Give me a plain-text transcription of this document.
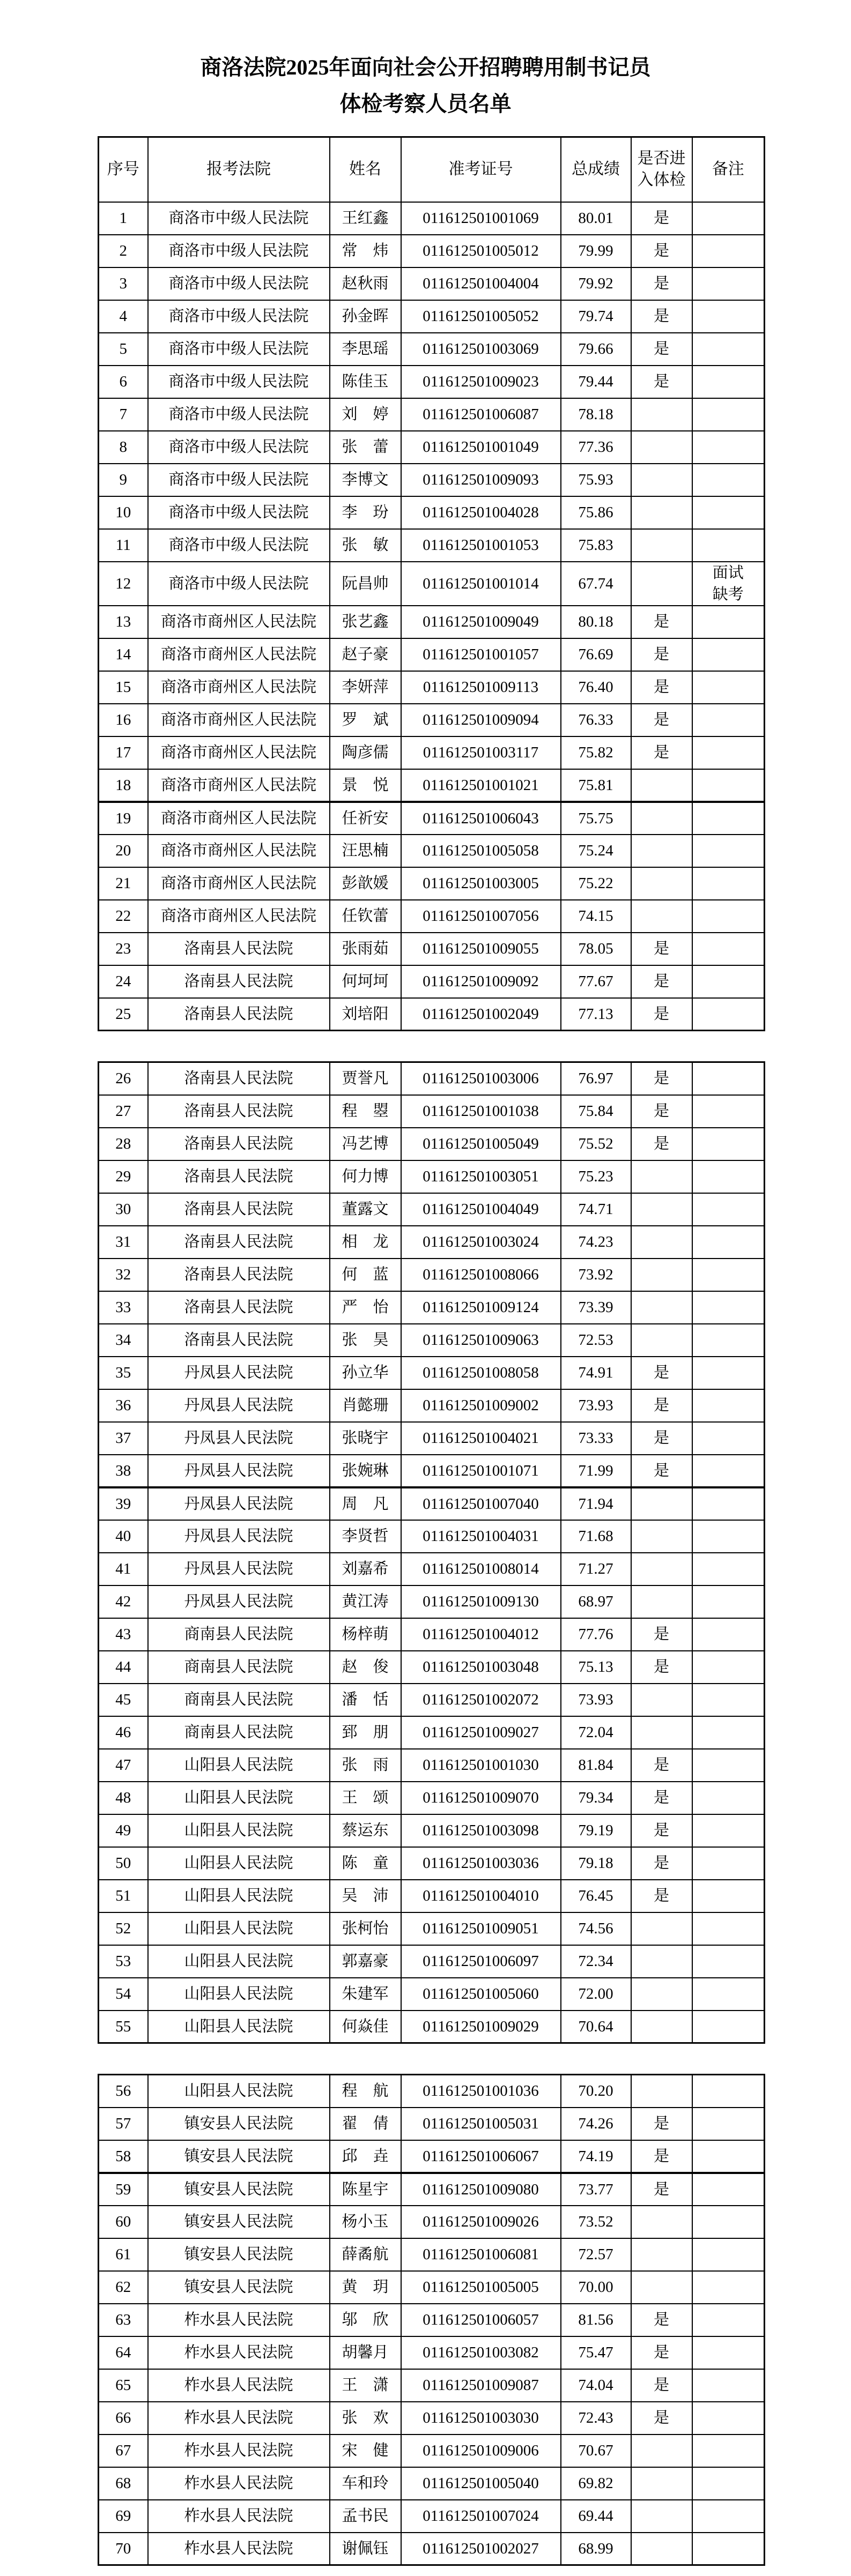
商洛法院2025年面向社会公开招聘聘用制书记员
体检考察人员名单
序号	报考法院	姓名	准考证号	总成绩	是否进入体检	备注
1	商洛市中级人民法院	王红鑫	011612501001069	80.01	是	
2	商洛市中级人民法院	常　炜	011612501005012	79.99	是	
3	商洛市中级人民法院	赵秋雨	011612501004004	79.92	是	
4	商洛市中级人民法院	孙金晖	011612501005052	79.74	是	
5	商洛市中级人民法院	李思瑶	011612501003069	79.66	是	
6	商洛市中级人民法院	陈佳玉	011612501009023	79.44	是	
7	商洛市中级人民法院	刘　婷	011612501006087	78.18		
8	商洛市中级人民法院	张　蕾	011612501001049	77.36		
9	商洛市中级人民法院	李博文	011612501009093	75.93		
10	商洛市中级人民法院	李　玢	011612501004028	75.86		
11	商洛市中级人民法院	张　敏	011612501001053	75.83		
12	商洛市中级人民法院	阮昌帅	011612501001014	67.74		面试缺考
13	商洛市商州区人民法院	张艺鑫	011612501009049	80.18	是	
14	商洛市商州区人民法院	赵子豪	011612501001057	76.69	是	
15	商洛市商州区人民法院	李妍萍	011612501009113	76.40	是	
16	商洛市商州区人民法院	罗　斌	011612501009094	76.33	是	
17	商洛市商州区人民法院	陶彦儒	011612501003117	75.82	是	
18	商洛市商州区人民法院	景　悦	011612501001021	75.81		
19	商洛市商州区人民法院	任祈安	011612501006043	75.75		
20	商洛市商州区人民法院	汪思楠	011612501005058	75.24		
21	商洛市商州区人民法院	彭歆媛	011612501003005	75.22		
22	商洛市商州区人民法院	任钦蕾	011612501007056	74.15		
23	洛南县人民法院	张雨茹	011612501009055	78.05	是	
24	洛南县人民法院	何坷坷	011612501009092	77.67	是	
25	洛南县人民法院	刘培阳	011612501002049	77.13	是	
26	洛南县人民法院	贾誉凡	011612501003006	76.97	是	
27	洛南县人民法院	程　曌	011612501001038	75.84	是	
28	洛南县人民法院	冯艺博	011612501005049	75.52	是	
29	洛南县人民法院	何力博	011612501003051	75.23		
30	洛南县人民法院	董露文	011612501004049	74.71		
31	洛南县人民法院	相　龙	011612501003024	74.23		
32	洛南县人民法院	何　蓝	011612501008066	73.92		
33	洛南县人民法院	严　怡	011612501009124	73.39		
34	洛南县人民法院	张　昊	011612501009063	72.53		
35	丹凤县人民法院	孙立华	011612501008058	74.91	是	
36	丹凤县人民法院	肖懿珊	011612501009002	73.93	是	
37	丹凤县人民法院	张晓宇	011612501004021	73.33	是	
38	丹凤县人民法院	张婉琳	011612501001071	71.99	是	
39	丹凤县人民法院	周　凡	011612501007040	71.94		
40	丹凤县人民法院	李贤哲	011612501004031	71.68		
41	丹凤县人民法院	刘嘉希	011612501008014	71.27		
42	丹凤县人民法院	黄江涛	011612501009130	68.97		
43	商南县人民法院	杨梓萌	011612501004012	77.76	是	
44	商南县人民法院	赵　俊	011612501003048	75.13	是	
45	商南县人民法院	潘　恬	011612501002072	73.93		
46	商南县人民法院	郅　朋	011612501009027	72.04		
47	山阳县人民法院	张　雨	011612501001030	81.84	是	
48	山阳县人民法院	王　颂	011612501009070	79.34	是	
49	山阳县人民法院	蔡运东	011612501003098	79.19	是	
50	山阳县人民法院	陈　童	011612501003036	79.18	是	
51	山阳县人民法院	吴　沛	011612501004010	76.45	是	
52	山阳县人民法院	张柯怡	011612501009051	74.56		
53	山阳县人民法院	郭嘉豪	011612501006097	72.34		
54	山阳县人民法院	朱建军	011612501005060	72.00		
55	山阳县人民法院	何焱佳	011612501009029	70.64		
56	山阳县人民法院	程　航	011612501001036	70.20		
57	镇安县人民法院	翟　倩	011612501005031	74.26	是	
58	镇安县人民法院	邱　垚	011612501006067	74.19	是	
59	镇安县人民法院	陈星宇	011612501009080	73.77	是	
60	镇安县人民法院	杨小玉	011612501009026	73.52		
61	镇安县人民法院	薛矞航	011612501006081	72.57		
62	镇安县人民法院	黄　玥	011612501005005	70.00		
63	柞水县人民法院	邬　欣	011612501006057	81.56	是	
64	柞水县人民法院	胡馨月	011612501003082	75.47	是	
65	柞水县人民法院	王　潇	011612501009087	74.04	是	
66	柞水县人民法院	张　欢	011612501003030	72.43	是	
67	柞水县人民法院	宋　健	011612501009006	70.67		
68	柞水县人民法院	车和玲	011612501005040	69.82		
69	柞水县人民法院	孟书民	011612501007024	69.44		
70	柞水县人民法院	谢佩钰	011612501002027	68.99		
